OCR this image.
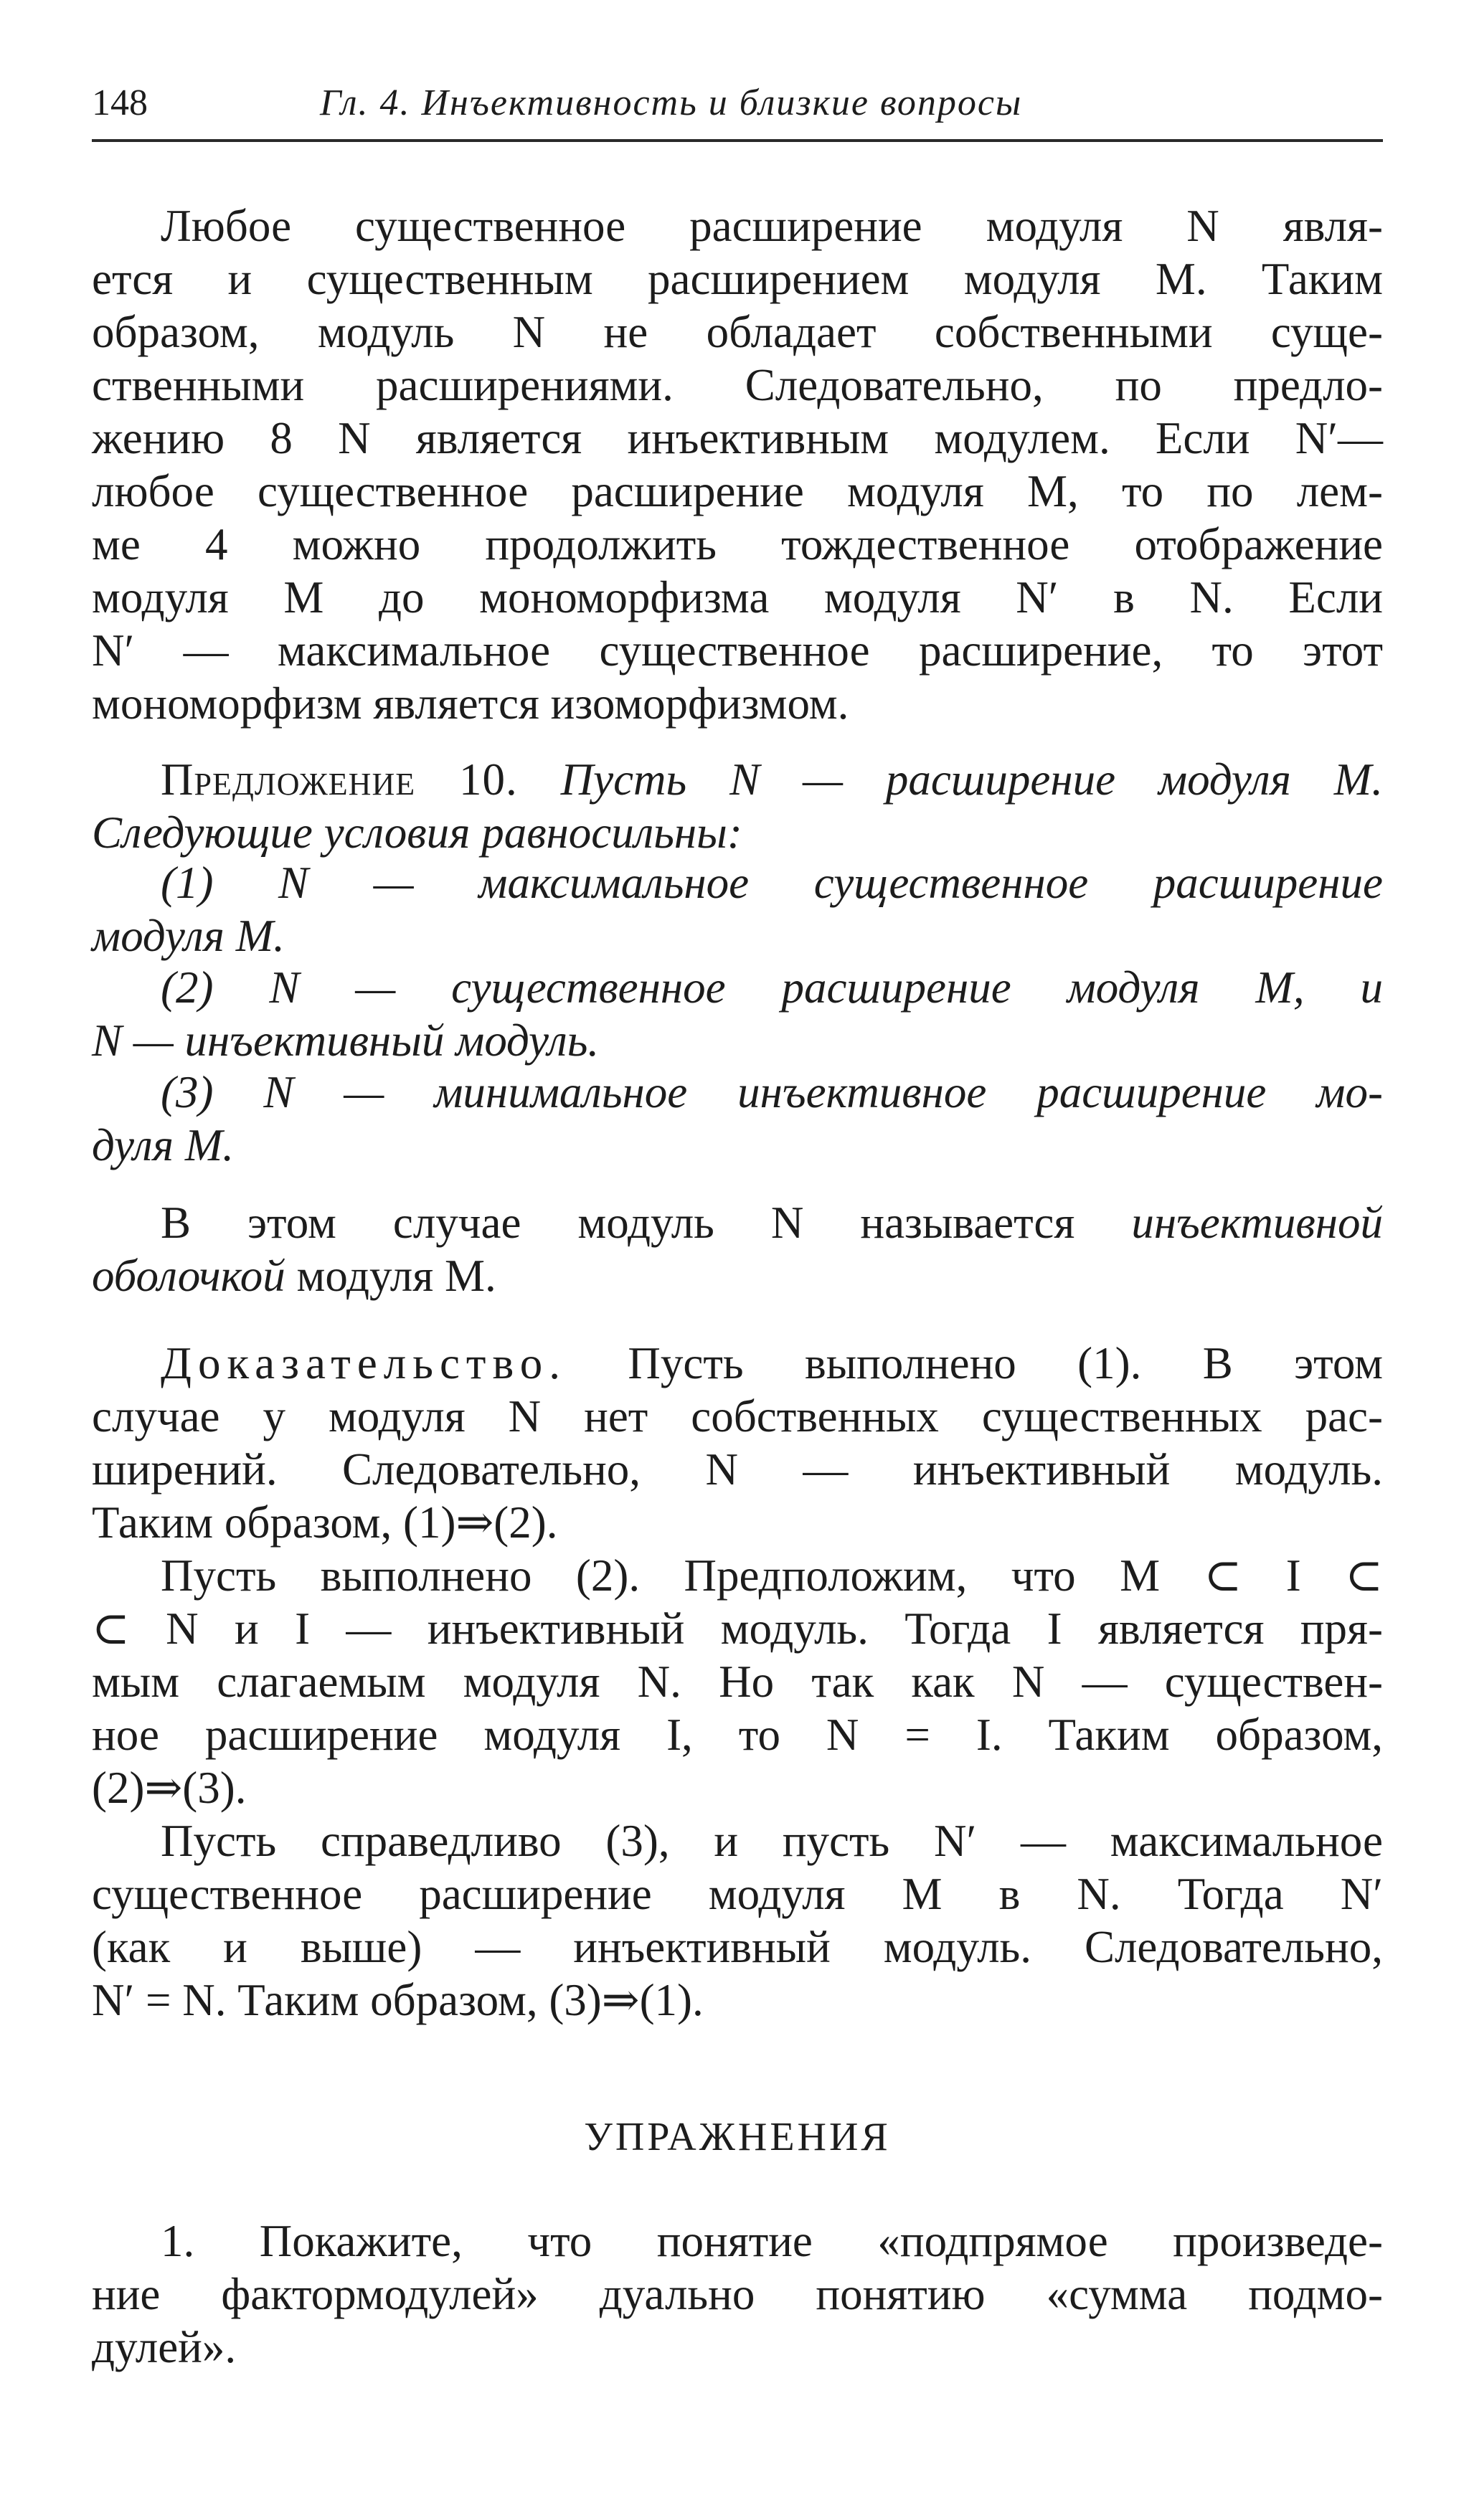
148	Гл. 4. Инъективность и близкие вопросы

Любое существенное расширение модуля N явля-

ется и существенным расширением модуля M. Таким

образом, модуль N не обладает собственными суще-

ственными расширениями. Следовательно, по предло-

жению 8 N является инъективным модулем. Если N′—

любое существенное расширение модуля M, то по лем-

ме 4 можно продолжить тождественное отображение

модуля M до мономорфизма модуля N′ в N. Если

N′ — максимальное существенное расширение, то этот

мономорфизм является изоморфизмом.

Предложение 10. Пусть N — расширение модуля M.

Следующие условия равносильны:

(1) N — максимальное существенное расширение

модуля M.

(2) N — существенное расширение модуля M, и

N — инъективный модуль.

(3) N — минимальное инъективное расширение мо-

дуля M.

В этом случае модуль N называется инъективной

оболочкой модуля M.

Доказательство. Пусть выполнено (1). В этом

случае у модуля N нет собственных существенных рас-

ширений. Следовательно, N — инъективный модуль.

Таким образом, (1)⇒(2).

Пусть выполнено (2). Предположим, что M ⊂ I ⊂

⊂ N и I — инъективный модуль. Тогда I является пря-

мым слагаемым модуля N. Но так как N — существен-

ное расширение модуля I, то N = I. Таким образом,

(2)⇒(3).

Пусть справедливо (3), и пусть N′ — максимальное

существенное расширение модуля M в N. Тогда N′

(как и выше) — инъективный модуль. Следовательно,

N′ = N. Таким образом, (3)⇒(1).

УПРАЖНЕНИЯ

1. Покажите, что понятие «подпрямое произведе-

ние фактормодулей» дуально понятию «сумма подмо-

дулей».
